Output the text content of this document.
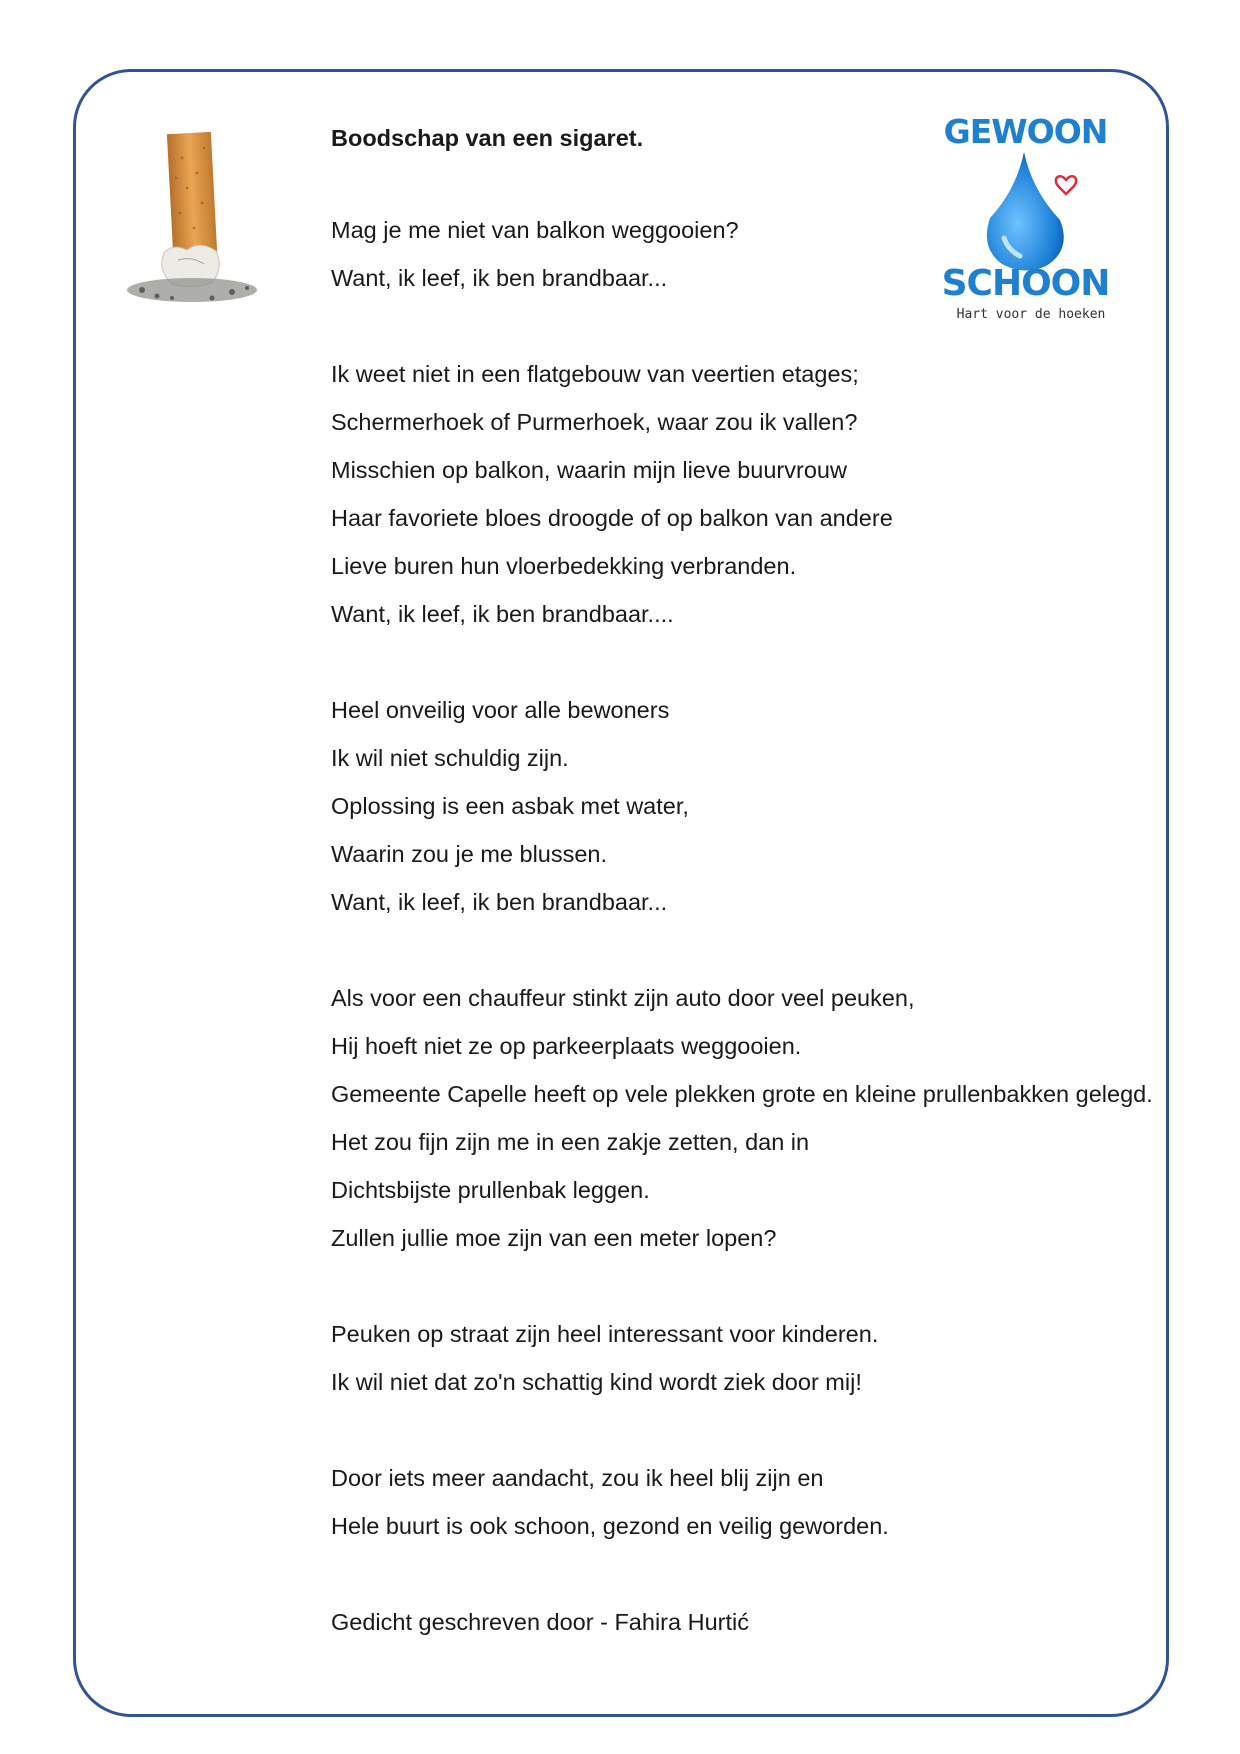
GEWOON
SCHOON
Hart voor de hoeken
Boodschap van een sigaret.
Mag je me niet van balkon weggooien?
Want, ik leef, ik ben brandbaar...
Ik weet niet in een flatgebouw van veertien etages;
Schermerhoek of Purmerhoek, waar zou ik vallen?
Misschien op balkon, waarin mijn lieve buurvrouw
Haar favoriete bloes droogde of op balkon van andere
Lieve buren hun vloerbedekking verbranden.
Want, ik leef, ik ben brandbaar....
Heel onveilig voor alle bewoners
Ik wil niet schuldig zijn.
Oplossing is een asbak met water,
Waarin zou je me blussen.
Want, ik leef, ik ben brandbaar...
Als voor een chauffeur stinkt zijn auto door veel peuken,
Hij hoeft niet ze op parkeerplaats weggooien.
Gemeente Capelle heeft op vele plekken grote en kleine prullenbakken gelegd.
Het zou fijn zijn me in een zakje zetten, dan in
Dichtsbijste prullenbak leggen.
Zullen jullie moe zijn van een meter lopen?
Peuken op straat zijn heel interessant voor kinderen.
Ik wil niet dat zo'n schattig kind wordt ziek door mij!
Door iets meer aandacht, zou ik heel blij zijn en
Hele buurt is ook schoon, gezond en veilig geworden.
Gedicht geschreven door - Fahira Hurtić
